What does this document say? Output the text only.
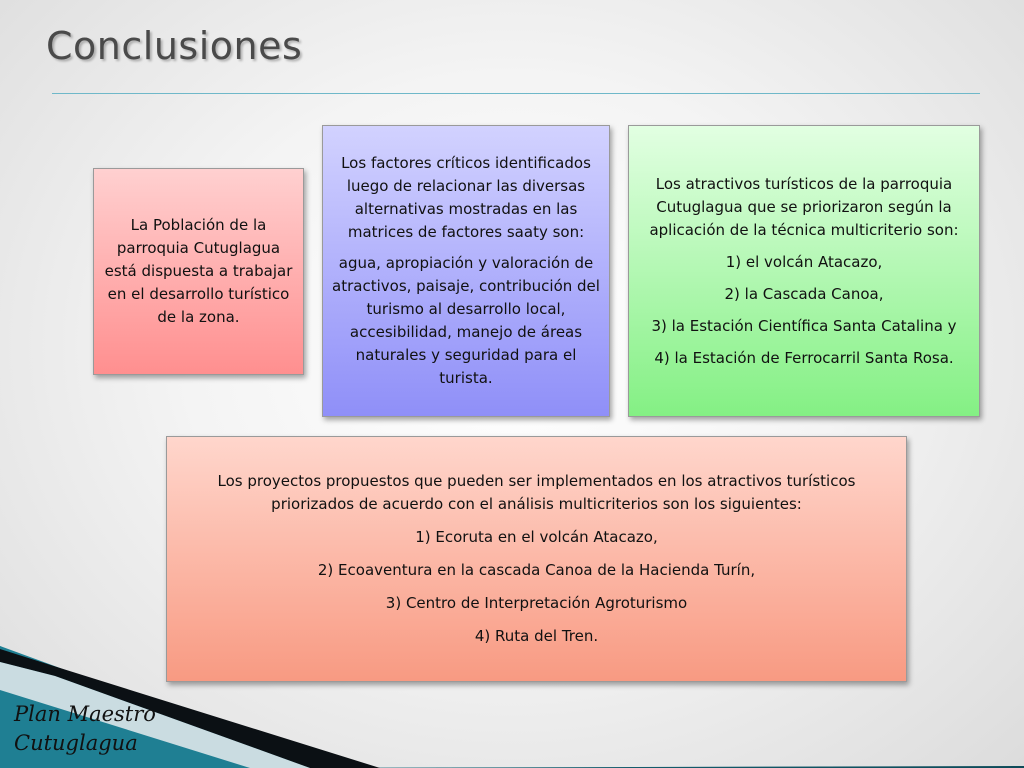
Conclusiones

La Población de la parroquia Cutuglagua está dispuesta a trabajar en el desarrollo turístico de la zona.

Los factores críticos identificados luego de relacionar las diversas alternativas mostradas en las matrices de factores saaty son:

agua, apropiación y valoración de atractivos, paisaje, contribución del turismo al desarrollo local, accesibilidad, manejo de áreas naturales y seguridad para el turista.

Los atractivos turísticos de la parroquia Cutuglagua que se priorizaron según la aplicación de la técnica multicriterio son:

1) el volcán Atacazo,

2) la Cascada Canoa,

3) la Estación Científica Santa Catalina y

4) la Estación de Ferrocarril Santa Rosa.

Los proyectos propuestos que pueden ser implementados en los atractivos turísticos priorizados de acuerdo con el análisis multicriterios son los siguientes:

1) Ecoruta en el volcán Atacazo,

2) Ecoaventura en la cascada Canoa de la Hacienda Turín,

3) Centro de Interpretación Agroturismo

4) Ruta del Tren.

Plan Maestro
Cutuglagua
